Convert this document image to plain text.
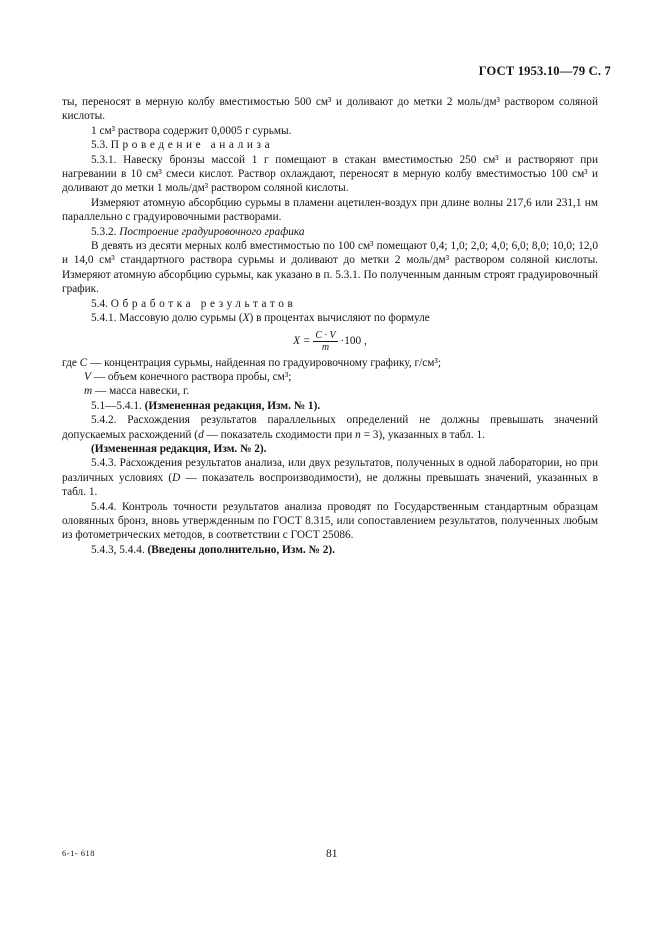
ГОСТ 1953.10—79 С. 7

ты, переносят в мерную колбу вместимостью 500 см³ и доливают до метки 2 моль/дм³ раствором соляной кислоты.

1 см³ раствора содержит 0,0005 г сурьмы.

5.3. Проведение анализа

5.3.1. Навеску бронзы массой 1 г помещают в стакан вместимостью 250 см³ и растворяют при нагревании в 10 см³ смеси кислот. Раствор охлаждают, переносят в мерную колбу вместимостью 100 см³ и доливают до метки 1 моль/дм³ раствором соляной кислоты.

Измеряют атомную абсорбцию сурьмы в пламени ацетилен-воздух при длине волны 217,6 или 231,1 нм параллельно с градуировочными растворами.

5.3.2. Построение градуировочного графика

В девять из десяти мерных колб вместимостью по 100 см³ помещают 0,4; 1,0; 2,0; 4,0; 6,0; 8,0; 10,0; 12,0 и 14,0 см³ стандартного раствора сурьмы и доливают до метки 2 моль/дм³ раствором соляной кислоты. Измеряют атомную абсорбцию сурьмы, как указано в п. 5.3.1. По полученным данным строят градуировочный график.

5.4. Обработка результатов

5.4.1. Массовую долю сурьмы (X) в процентах вычисляют по формуле

$X = \frac{C \cdot V}{m} \cdot 100$ ,

где C — концентрация сурьмы, найденная по градуировочному графику, г/см³;

V — объем конечного раствора пробы, см³;

m — масса навески, г.

5.1—5.4.1. (Измененная редакция, Изм. № 1).

5.4.2. Расхождения результатов параллельных определений не должны превышать значений допускаемых расхождений (d — показатель сходимости при n = 3), указанных в табл. 1.

(Измененная редакция, Изм. № 2).

5.4.3. Расхождения результатов анализа, или двух результатов, полученных в одной лаборатории, но при различных условиях (D — показатель воспроизводимости), не должны превышать значений, указанных в табл. 1.

5.4.4. Контроль точности результатов анализа проводят по Государственным стандартным образцам оловянных бронз, вновь утвержденным по ГОСТ 8.315, или сопоставлением результатов, полученных любым из фотометрических методов, в соответствии с ГОСТ 25086.

5.4.3, 5.4.4. (Введены дополнительно, Изм. № 2).

6-1- 618	81
